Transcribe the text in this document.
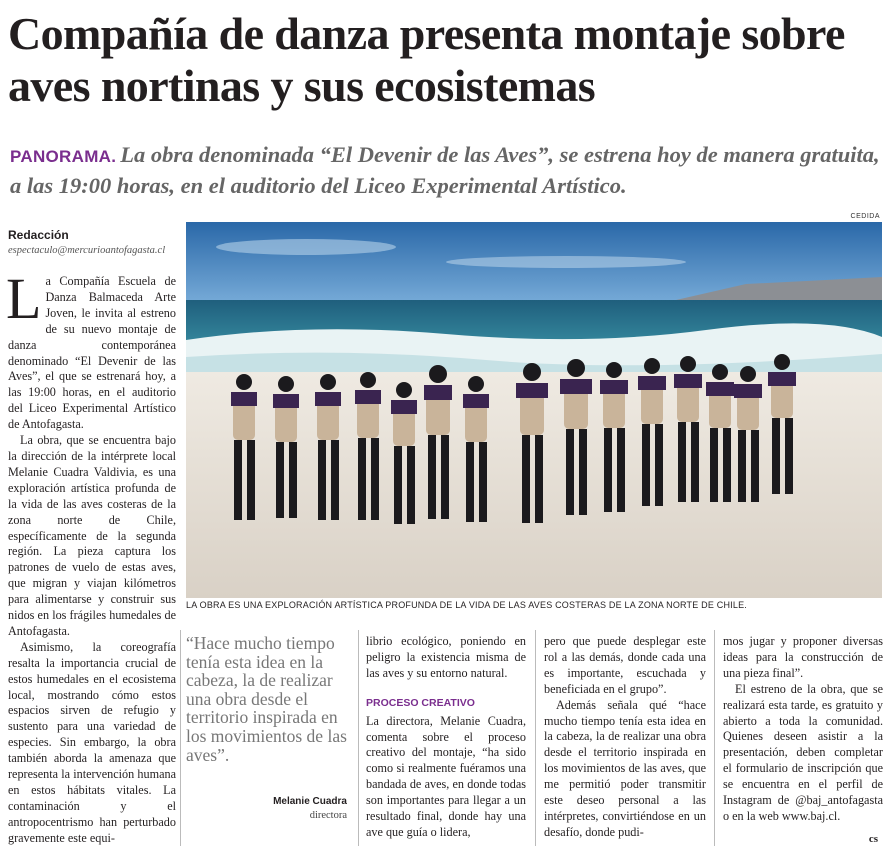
Compañía de danza presenta montaje sobre aves nortinas y sus ecosistemas
PANORAMA. La obra denominada “El Devenir de las Aves”, se estrena hoy de manera gratuita, a las 19:00 horas, en el auditorio del Liceo Experimental Artístico.
Redacción
espectaculo@mercurioantofagasta.cl
CEDIDA
LA OBRA ES UNA EXPLORACIÓN ARTÍSTICA PROFUNDA DE LA VIDA DE LAS AVES COSTERAS DE LA ZONA NORTE DE CHILE.

La Compañía Escuela de Danza Balmaceda Arte Joven, le invita al estreno de su nuevo montaje de danza contemporánea denominado “El Devenir de las Aves”, el que se estrenará hoy, a las 19:00 horas, en el auditorio del Liceo Experimental Artístico de Antofagasta.

La obra, que se encuentra bajo la dirección de la intérprete local Melanie Cuadra Valdivia, es una exploración artística profunda de la vida de las aves costeras de la zona norte de Chile, específicamente de la segunda región. La pieza captura los patrones de vuelo de estas aves, que migran y viajan kilómetros para alimentarse y construir sus nidos en los frágiles humedales de Antofagasta.

Asimismo, la coreografía resalta la importancia crucial de estos humedales en el ecosistema local, mostrando cómo estos espacios sirven de refugio y sustento para una variedad de especies. Sin embargo, la obra también aborda la amenaza que representa la intervención humana en estos hábitats vitales. La contaminación y el antropocentrismo han perturbado gravemente este equi-

“Hace mucho tiempo tenía esta idea en la cabeza, la de realizar una obra desde el territorio inspirada en los movimientos de las aves”.
Melanie Cuadra
directora

librio ecológico, poniendo en peligro la existencia misma de las aves y su entorno natural.

PROCESO CREATIVO

La directora, Melanie Cuadra, comenta sobre el proceso creativo del montaje, “ha sido como si realmente fuéramos una bandada de aves, en donde todas son importantes para llegar a un resultado final, donde hay una ave que guía o lidera,

pero que puede desplegar este rol a las demás, donde cada una es importante, escuchada y beneficiada en el grupo”.

Además señala qué “hace mucho tiempo tenía esta idea en la cabeza, la de realizar una obra desde el territorio inspirada en los movimientos de las aves, que me permitió poder transmitir este deseo personal a las intérpretes, convirtiéndose en un desafío, donde pudi-

mos jugar y proponer diversas ideas para la construcción de una pieza final”.

El estreno de la obra, que se realizará esta tarde, es gratuito y abierto a toda la comunidad. Quienes deseen asistir a la presentación, deben completar el formulario de inscripción que se encuentra en el perfil de Instagram de @baj_antofagasta o en la web www.baj.cl.

cs
